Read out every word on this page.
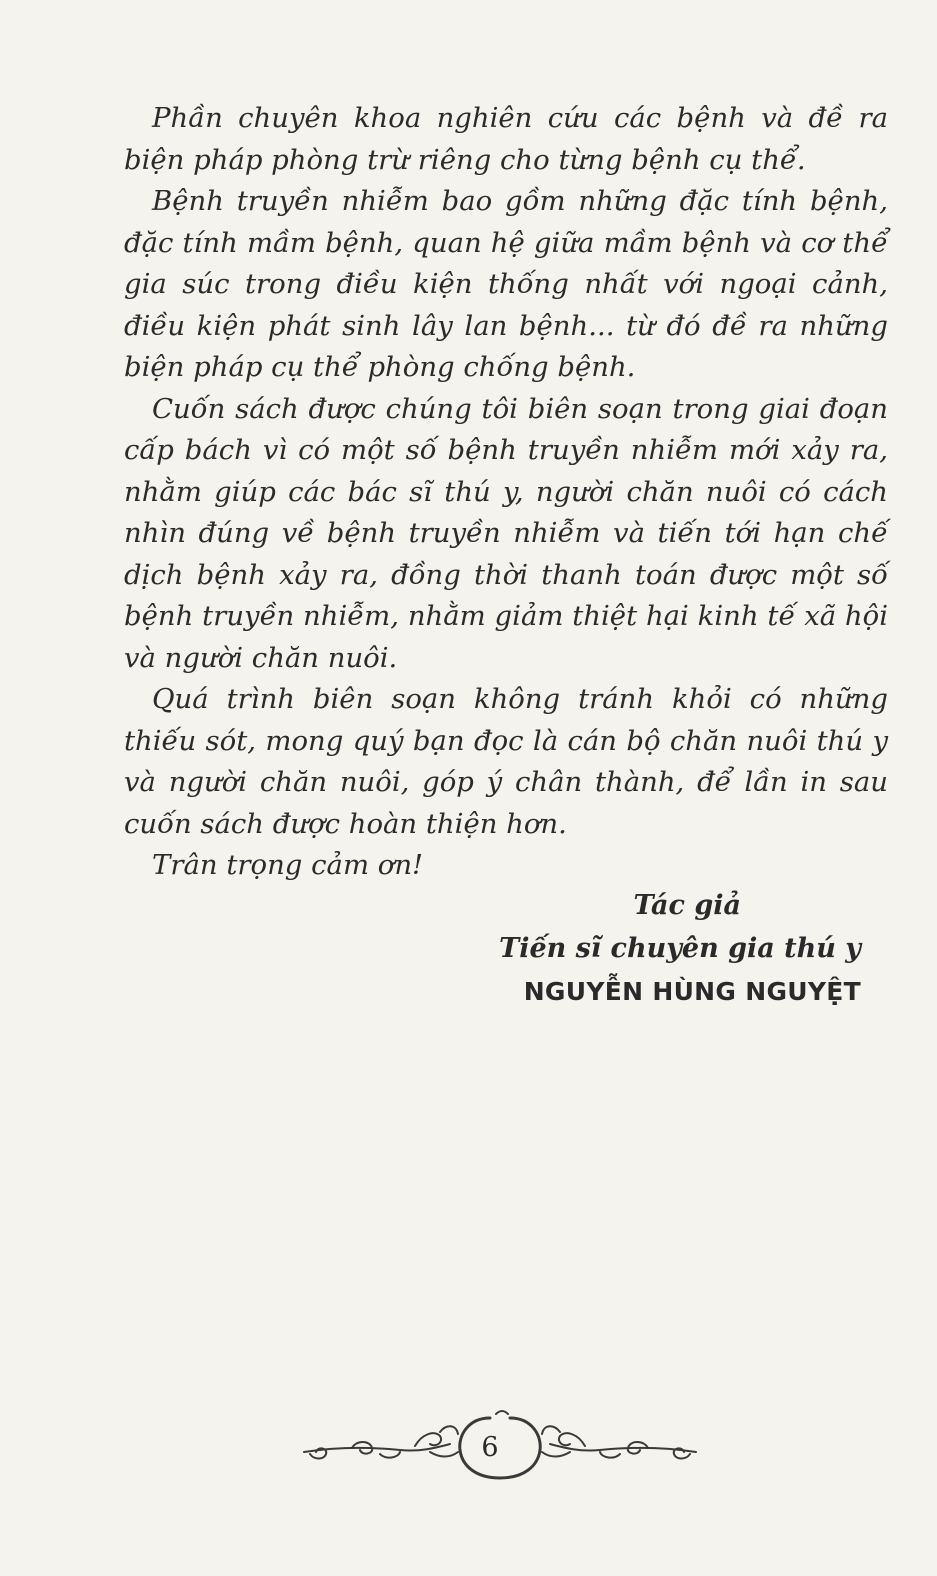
Phần chuyên khoa nghiên cứu các bệnh và đề ra biện pháp phòng trừ riêng cho từng bệnh cụ thể.

Bệnh truyền nhiễm bao gồm những đặc tính bệnh, đặc tính mầm bệnh, quan hệ giữa mầm bệnh và cơ thể gia súc trong điều kiện thống nhất với ngoại cảnh, điều kiện phát sinh lây lan bệnh... từ đó đề ra những biện pháp cụ thể phòng chống bệnh.

Cuốn sách được chúng tôi biên soạn trong giai đoạn cấp bách vì có một số bệnh truyền nhiễm mới xảy ra, nhằm giúp các bác sĩ thú y, người chăn nuôi có cách nhìn đúng về bệnh truyền nhiễm và tiến tới hạn chế dịch bệnh xảy ra, đồng thời thanh toán được một số bệnh truyền nhiễm, nhằm giảm thiệt hại kinh tế xã hội và người chăn nuôi.

Quá trình biên soạn không tránh khỏi có những thiếu sót, mong quý bạn đọc là cán bộ chăn nuôi thú y và người chăn nuôi, góp ý chân thành, để lần in sau cuốn sách được hoàn thiện hơn.

Trân trọng cảm ơn!

Tác giả
Tiến sĩ chuyên gia thú y
NGUYỄN HÙNG NGUYỆT
6
